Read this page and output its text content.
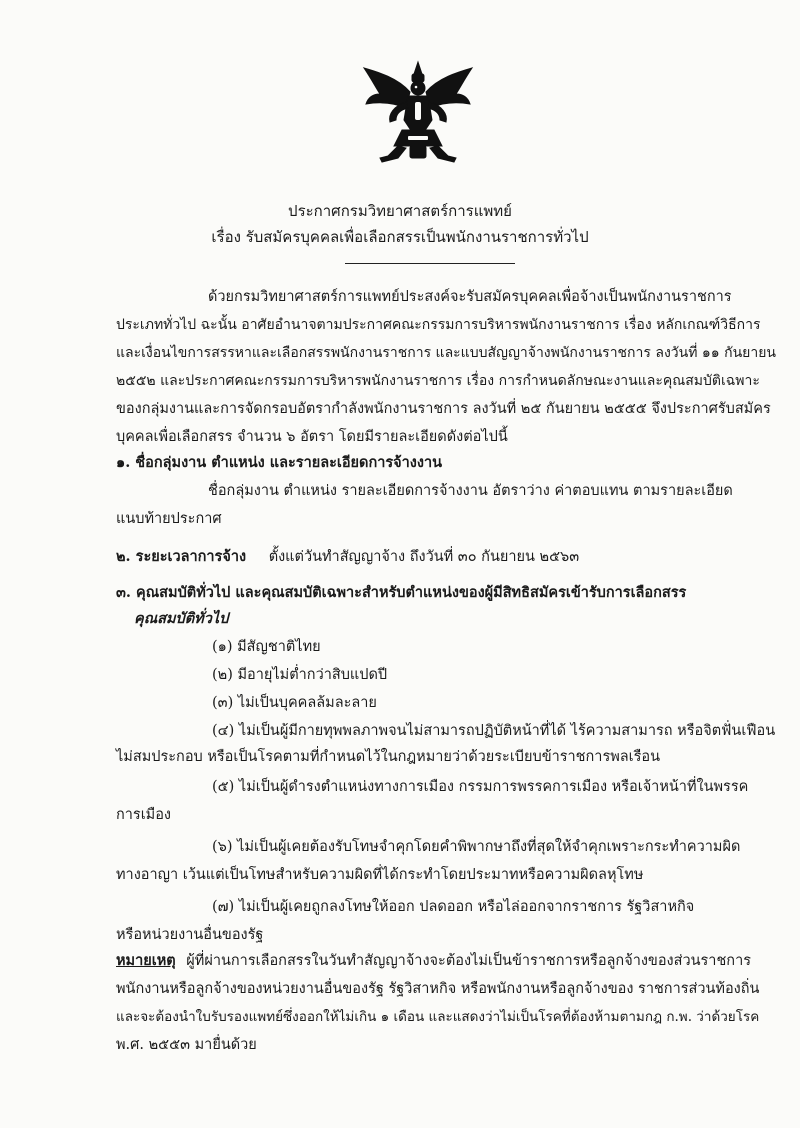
ประกาศกรมวิทยาศาสตร์การแพทย์
เรื่อง รับสมัครบุคคลเพื่อเลือกสรรเป็นพนักงานราชการทั่วไป
ด้วยกรมวิทยาศาสตร์การแพทย์ประสงค์จะรับสมัครบุคคลเพื่อจ้างเป็นพนักงานราชการ
ประเภททั่วไป ฉะนั้น อาศัยอำนาจตามประกาศคณะกรรมการบริหารพนักงานราชการ เรื่อง หลักเกณฑ์วิธีการ
และเงื่อนไขการสรรหาและเลือกสรรพนักงานราชการ และแบบสัญญาจ้างพนักงานราชการ ลงวันที่ ๑๑ กันยายน
๒๕๕๒ และประกาศคณะกรรมการบริหารพนักงานราชการ เรื่อง การกำหนดลักษณะงานและคุณสมบัติเฉพาะ
ของกลุ่มงานและการจัดกรอบอัตรากำลังพนักงานราชการ ลงวันที่ ๒๕ กันยายน ๒๕๕๕ จึงประกาศรับสมัคร
บุคคลเพื่อเลือกสรร จำนวน ๖ อัตรา โดยมีรายละเอียดดังต่อไปนี้
๑. ชื่อกลุ่มงาน ตำแหน่ง และรายละเอียดการจ้างงาน
ชื่อกลุ่มงาน ตำแหน่ง รายละเอียดการจ้างงาน อัตราว่าง ค่าตอบแทน ตามรายละเอียด
แนบท้ายประกาศ
๒. ระยะเวลาการจ้าง ตั้งแต่วันทำสัญญาจ้าง ถึงวันที่ ๓๐ กันยายน ๒๕๖๓
๓. คุณสมบัติทั่วไป และคุณสมบัติเฉพาะสำหรับตำแหน่งของผู้มีสิทธิสมัครเข้ารับการเลือกสรร
คุณสมบัติทั่วไป
(๑) มีสัญชาติไทย
(๒) มีอายุไม่ต่ำกว่าสิบแปดปี
(๓) ไม่เป็นบุคคลล้มละลาย
(๔) ไม่เป็นผู้มีกายทุพพลภาพจนไม่สามารถปฏิบัติหน้าที่ได้ ไร้ความสามารถ หรือจิตฟั่นเฟือน
ไม่สมประกอบ หรือเป็นโรคตามที่กำหนดไว้ในกฎหมายว่าด้วยระเบียบข้าราชการพลเรือน
(๕) ไม่เป็นผู้ดำรงตำแหน่งทางการเมือง กรรมการพรรคการเมือง หรือเจ้าหน้าที่ในพรรค
การเมือง
(๖) ไม่เป็นผู้เคยต้องรับโทษจำคุกโดยคำพิพากษาถึงที่สุดให้จำคุกเพราะกระทำความผิด
ทางอาญา เว้นแต่เป็นโทษสำหรับความผิดที่ได้กระทำโดยประมาทหรือความผิดลหุโทษ
(๗) ไม่เป็นผู้เคยถูกลงโทษให้ออก ปลดออก หรือไล่ออกจากราชการ รัฐวิสาหกิจ
หรือหน่วยงานอื่นของรัฐ
หมายเหตุ ผู้ที่ผ่านการเลือกสรรในวันทำสัญญาจ้างจะต้องไม่เป็นข้าราชการหรือลูกจ้างของส่วนราชการ
พนักงานหรือลูกจ้างของหน่วยงานอื่นของรัฐ รัฐวิสาหกิจ หรือพนักงานหรือลูกจ้างของ ราชการส่วนท้องถิ่น
และจะต้องนำใบรับรองแพทย์ซึ่งออกให้ไม่เกิน ๑ เดือน และแสดงว่าไม่เป็นโรคที่ต้องห้ามตามกฎ ก.พ. ว่าด้วยโรค
พ.ศ. ๒๕๕๓ มายื่นด้วย
